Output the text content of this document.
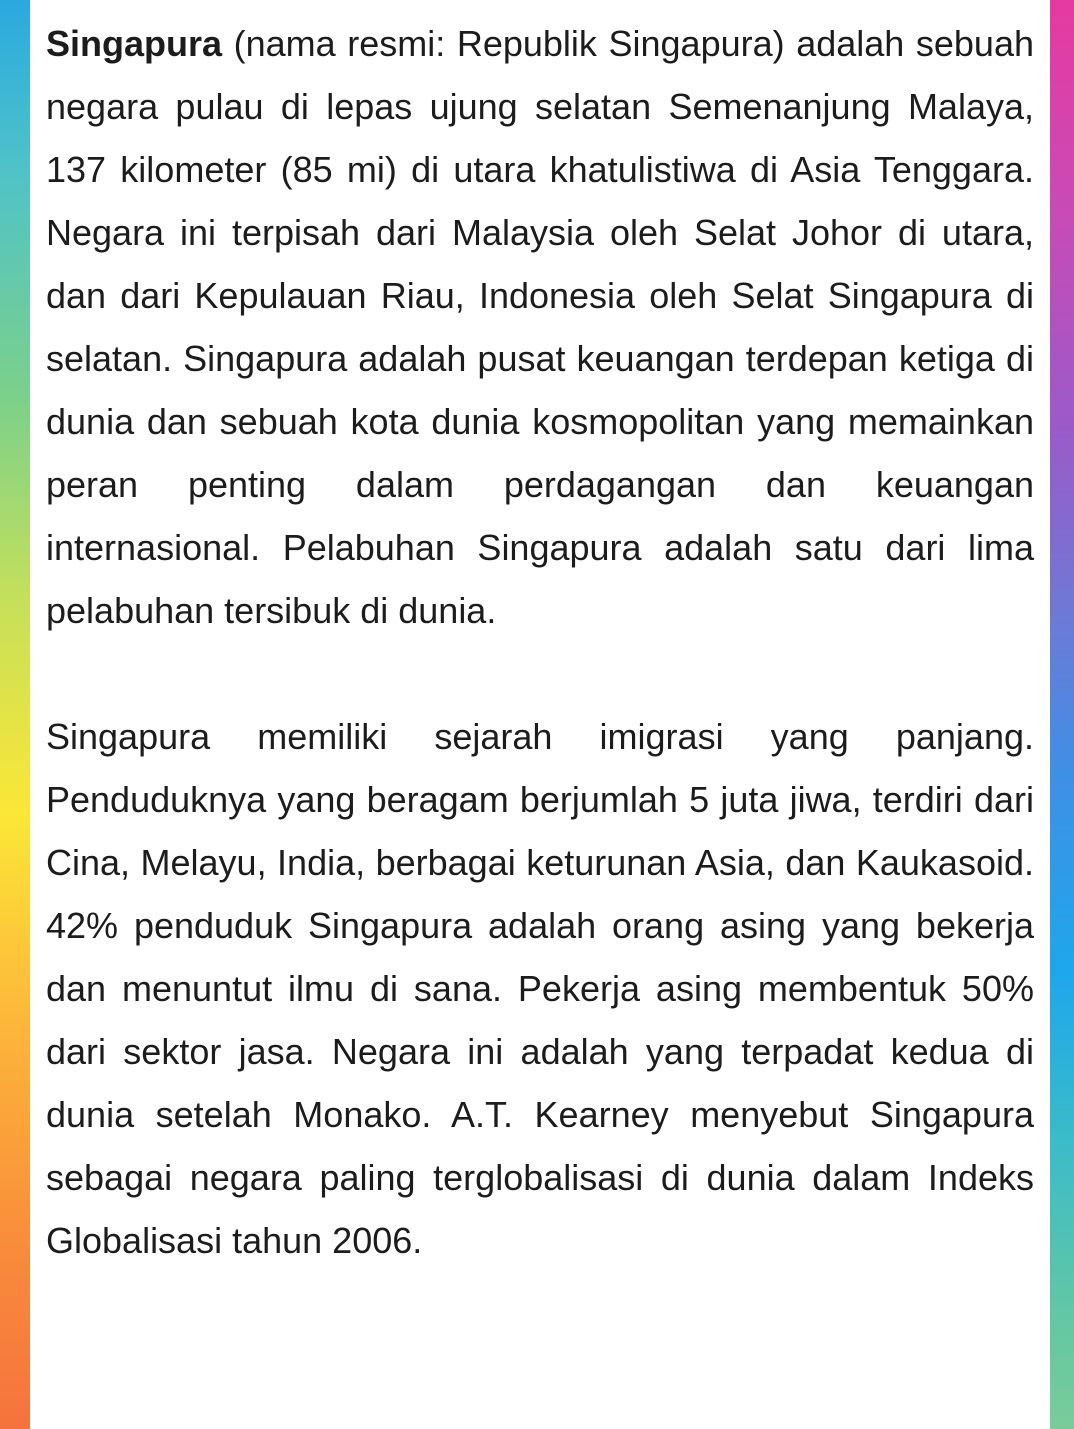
Singapura (nama resmi: Republik Singapura) adalah sebuah negara pulau di lepas ujung selatan Semenanjung Malaya, 137 kilometer (85 mi) di utara khatulistiwa di Asia Tenggara. Negara ini terpisah dari Malaysia oleh Selat Johor di utara, dan dari Kepulauan Riau, Indonesia oleh Selat Singapura di selatan. Singapura adalah pusat keuangan terdepan ketiga di dunia dan sebuah kota dunia kosmopolitan yang memainkan peran penting dalam perdagangan dan keuangan internasional. Pelabuhan Singapura adalah satu dari lima pelabuhan tersibuk di dunia.

Singapura memiliki sejarah imigrasi yang panjang. Penduduknya yang beragam berjumlah 5 juta jiwa, terdiri dari Cina, Melayu, India, berbagai keturunan Asia, dan Kaukasoid. 42% penduduk Singapura adalah orang asing yang bekerja dan menuntut ilmu di sana. Pekerja asing membentuk 50% dari sektor jasa. Negara ini adalah yang terpadat kedua di dunia setelah Monako. A.T. Kearney menyebut Singapura sebagai negara paling terglobalisasi di dunia dalam Indeks Globalisasi tahun 2006.
